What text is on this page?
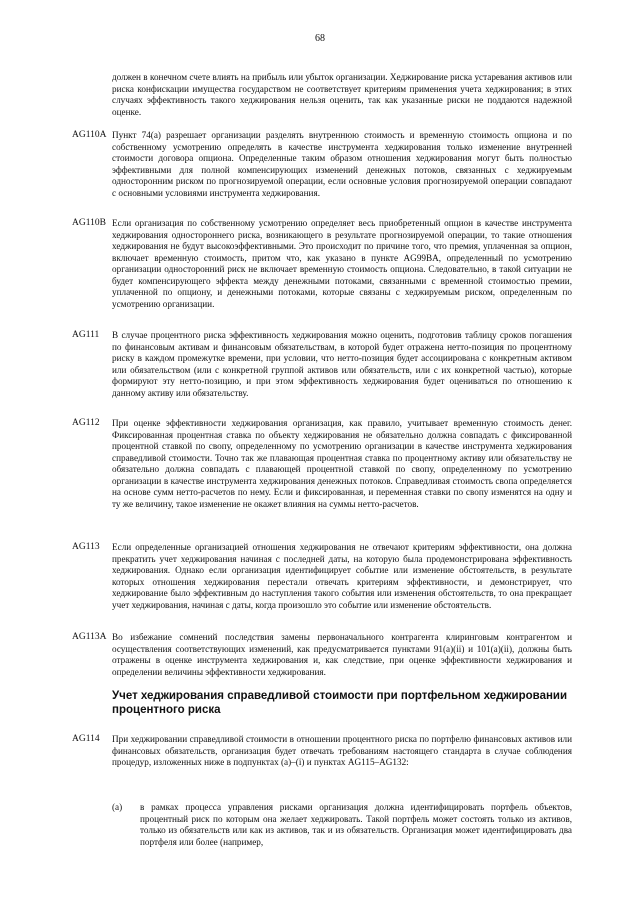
68
должен в конечном счете влиять на прибыль или убыток организации. Хеджирование риска устаревания активов или риска конфискации имущества государством не соответствует критериям применения учета хеджирования; в этих случаях эффективность такого хеджирования нельзя оценить, так как указанные риски не поддаются надежной оценке.
AG110A Пункт 74(а) разрешает организации разделять внутреннюю стоимость и временную стоимость опциона и по собственному усмотрению определять в качестве инструмента хеджирования только изменение внутренней стоимости договора опциона. Определенные таким образом отношения хеджирования могут быть полностью эффективными для полной компенсирующих изменений денежных потоков, связанных с хеджируемым односторонним риском по прогнозируемой операции, если основные условия прогнозируемой операции совпадают с основными условиями инструмента хеджирования.
AG110B Если организация по собственному усмотрению определяет весь приобретенный опцион в качестве инструмента хеджирования одностороннего риска, возникающего в результате прогнозируемой операции, то такие отношения хеджирования не будут высокоэффективными. Это происходит по причине того, что премия, уплаченная за опцион, включает временную стоимость, притом что, как указано в пункте AG99BA, определенный по усмотрению организации односторонний риск не включает временную стоимость опциона. Следовательно, в такой ситуации не будет компенсирующего эффекта между денежными потоками, связанными с временной стоимостью премии, уплаченной по опциону, и денежными потоками, которые связаны с хеджируемым риском, определенным по усмотрению организации.
AG111 В случае процентного риска эффективность хеджирования можно оценить, подготовив таблицу сроков погашения по финансовым активам и финансовым обязательствам, в которой будет отражена нетто-позиция по процентному риску в каждом промежутке времени, при условии, что нетто-позиция будет ассоциирована с конкретным активом или обязательством (или с конкретной группой активов или обязательств, или с их конкретной частью), которые формируют эту нетто-позицию, и при этом эффективность хеджирования будет оцениваться по отношению к данному активу или обязательству.
AG112 При оценке эффективности хеджирования организация, как правило, учитывает временную стоимость денег. Фиксированная процентная ставка по объекту хеджирования не обязательно должна совпадать с фиксированной процентной ставкой по свопу, определенному по усмотрению организации в качестве инструмента хеджирования справедливой стоимости. Точно так же плавающая процентная ставка по процентному активу или обязательству не обязательно должна совпадать с плавающей процентной ставкой по свопу, определенному по усмотрению организации в качестве инструмента хеджирования денежных потоков. Справедливая стоимость свопа определяется на основе сумм нетто-расчетов по нему. Если и фиксированная, и переменная ставки по свопу изменятся на одну и ту же величину, такое изменение не окажет влияния на суммы нетто-расчетов.
AG113 Если определенные организацией отношения хеджирования не отвечают критериям эффективности, она должна прекратить учет хеджирования начиная с последней даты, на которую была продемонстрирована эффективность хеджирования. Однако если организация идентифицирует событие или изменение обстоятельств, в результате которых отношения хеджирования перестали отвечать критериям эффективности, и демонстрирует, что хеджирование было эффективным до наступления такого события или изменения обстоятельств, то она прекращает учет хеджирования, начиная с даты, когда произошло это событие или изменение обстоятельств.
AG113A Во избежание сомнений последствия замены первоначального контрагента клиринговым контрагентом и осуществления соответствующих изменений, как предусматривается пунктами 91(а)(ii) и 101(а)(ii), должны быть отражены в оценке инструмента хеджирования и, как следствие, при оценке эффективности хеджирования и определении величины эффективности хеджирования.
Учет хеджирования справедливой стоимости при портфельном хеджировании процентного риска
AG114 При хеджировании справедливой стоимости в отношении процентного риска по портфелю финансовых активов или финансовых обязательств, организация будет отвечать требованиям настоящего стандарта в случае соблюдения процедур, изложенных ниже в подпунктах (а)–(i) и пунктах AG115–AG132:
(а) в рамках процесса управления рисками организация должна идентифицировать портфель объектов, процентный риск по которым она желает хеджировать. Такой портфель может состоять только из активов, только из обязательств или как из активов, так и из обязательств. Организация может идентифицировать два портфеля или более (например,
